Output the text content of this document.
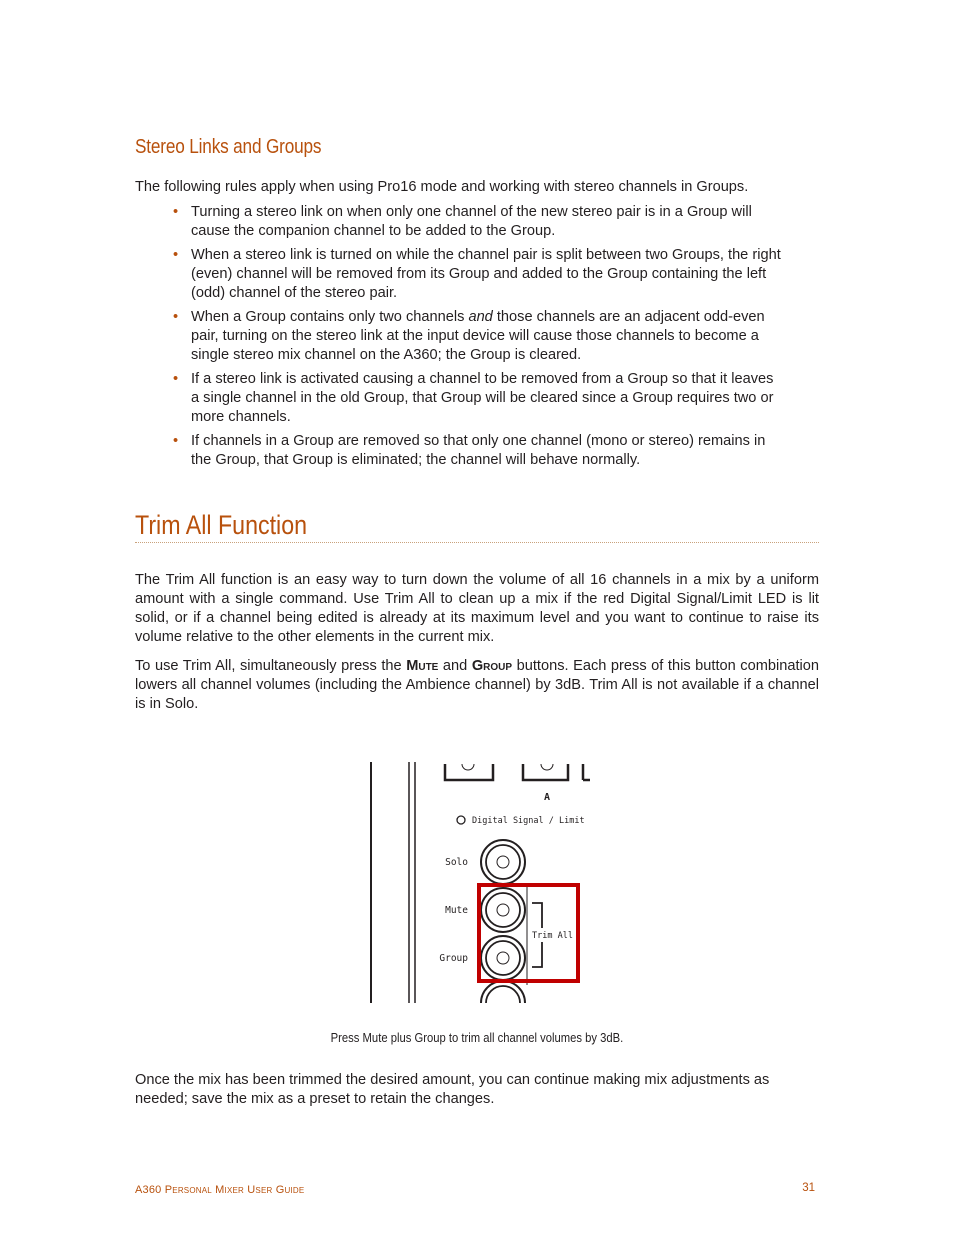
Stereo Links and Groups
The following rules apply when using Pro16 mode and working with stereo channels in Groups.
• Turning a stereo link on when only one channel of the new stereo pair is in a Group will cause the companion channel to be added to the Group.
• When a stereo link is turned on while the channel pair is split between two Groups, the right (even) channel will be removed from its Group and added to the Group containing the left (odd) channel of the stereo pair.
• When a Group contains only two channels and those channels are an adjacent odd-even pair, turning on the stereo link at the input device will cause those channels to become a single stereo mix channel on the A360; the Group is cleared.
• If a stereo link is activated causing a channel to be removed from a Group so that it leaves a single channel in the old Group, that Group will be cleared since a Group requires two or more channels.
• If channels in a Group are removed so that only one channel (mono or stereo) remains in the Group, that Group is eliminated; the channel will behave normally.
Trim All Function
The Trim All function is an easy way to turn down the volume of all 16 channels in a mix by a uniform amount with a single command. Use Trim All to clean up a mix if the red Digital Signal/Limit LED is lit solid, or if a channel being edited is already at its maximum level and you want to continue to raise its volume relative to the other elements in the current mix.
To use Trim All, simultaneously press the Mute and Group buttons. Each press of this button combination lowers all channel volumes (including the Ambience channel) by 3dB. Trim All is not available if a channel is in Solo.
A
Digital Signal / Limit
Solo
Mute
Group
Trim All
Press Mute plus Group to trim all channel volumes by 3dB.
Once the mix has been trimmed the desired amount, you can continue making mix adjustments as needed; save the mix as a preset to retain the changes.
A360 Personal Mixer User Guide	31
